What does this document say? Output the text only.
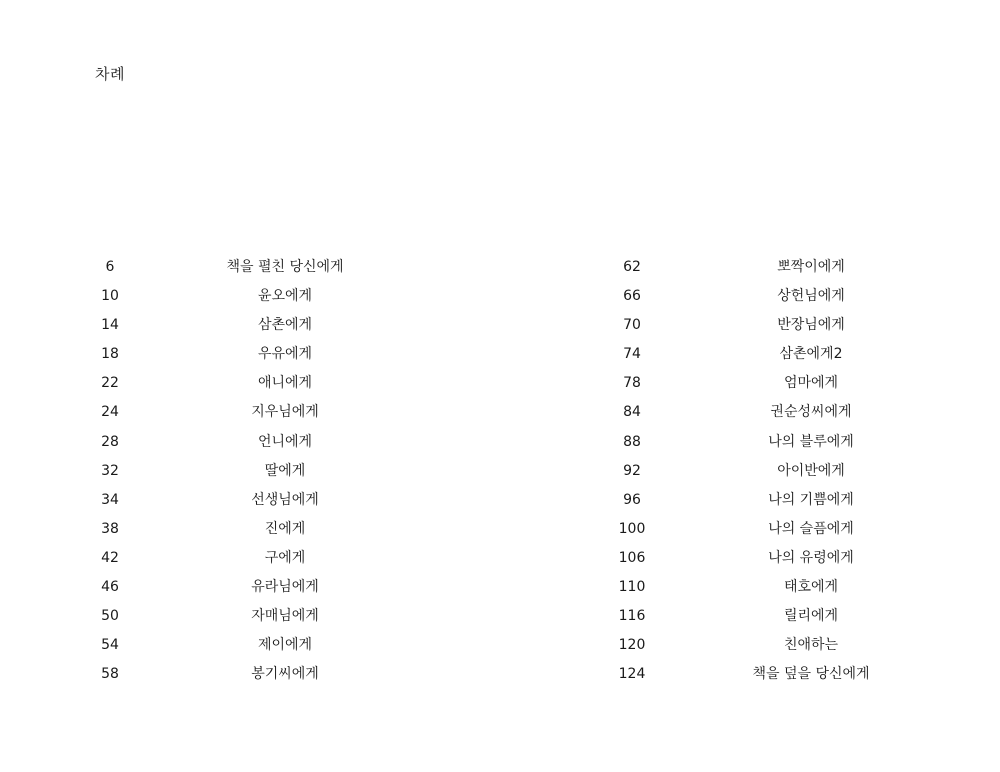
차례
6	책을 펼친 당신에게
10	윤오에게
14	삼촌에게
18	우유에게
22	애니에게
24	지우님에게
28	언니에게
32	딸에게
34	선생님에게
38	진에게
42	구에게
46	유라님에게
50	자매님에게
54	제이에게
58	봉기씨에게
62	뽀짝이에게
66	상헌님에게
70	반장님에게
74	삼촌에게2
78	엄마에게
84	권순성씨에게
88	나의 블루에게
92	아이반에게
96	나의 기쁨에게
100	나의 슬픔에게
106	나의 유령에게
110	태호에게
116	릴리에게
120	친애하는
124	책을 덮을 당신에게
